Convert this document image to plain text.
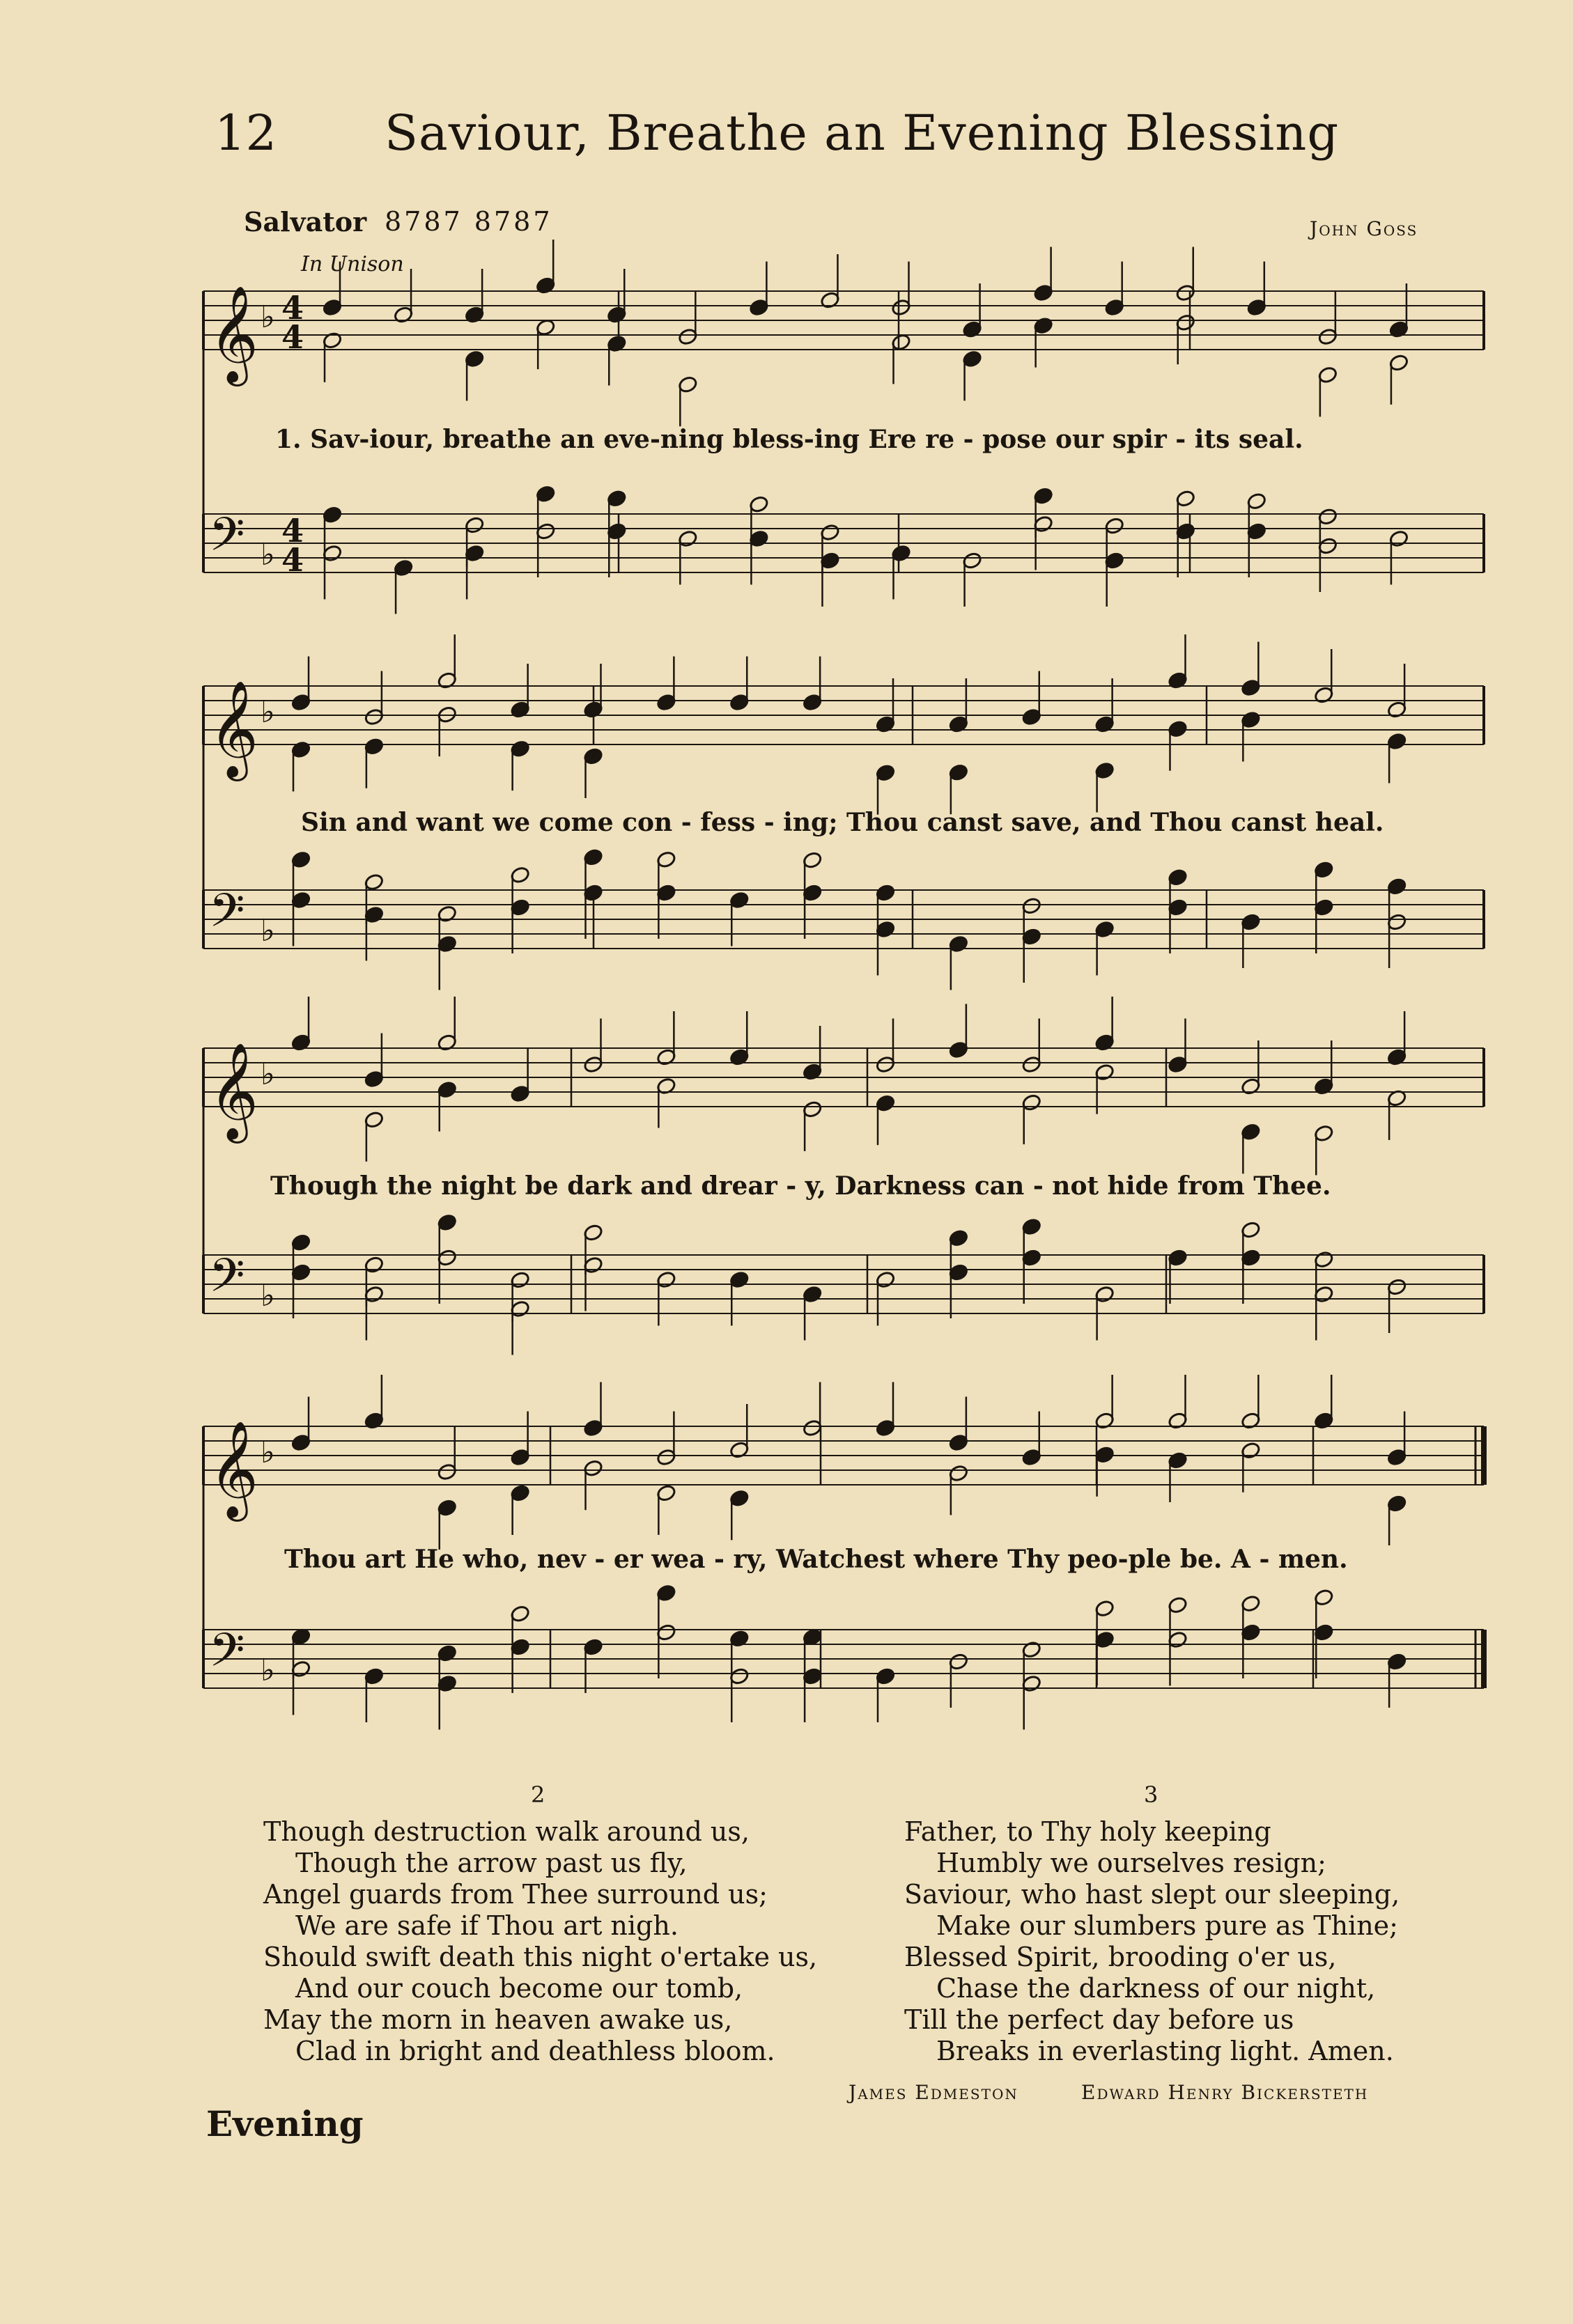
12 Saviour, Breathe an Evening Blessing
Salvator 8787 8787	John Goss
In Unison
𝄞 ♭ 4
4
𝄢 ♭
4
4
𝄞 ♭
𝄢 ♭
𝄞 ♭
𝄢 ♭
𝄞 ♭
𝄢 ♭
1. Sav-iour, breathe an eve-ning bless-ing Ere re - pose our spir - its seal.
Sin and want we come con - fess - ing; Thou canst save, and Thou canst heal.
Though the night be dark and drear - y, Darkness can - not hide from Thee.
Thou art He who, nev - er wea - ry, Watchest where Thy peo-ple be. A - men.
2	3
Though destruction walk around us,
Though the arrow past us fly,
Angel guards from Thee surround us;
We are safe if Thou art nigh.
Should swift death this night o'ertake us,
And our couch become our tomb,
May the morn in heaven awake us,
Clad in bright and deathless bloom.
Father, to Thy holy keeping
Humbly we ourselves resign;
Saviour, who hast slept our sleeping,
Make our slumbers pure as Thine;
Blessed Spirit, brooding o'er us,
Chase the darkness of our night,
Till the perfect day before us
Breaks in everlasting light. Amen.
James Edmeston	Edward Henry Bickersteth
Evening
